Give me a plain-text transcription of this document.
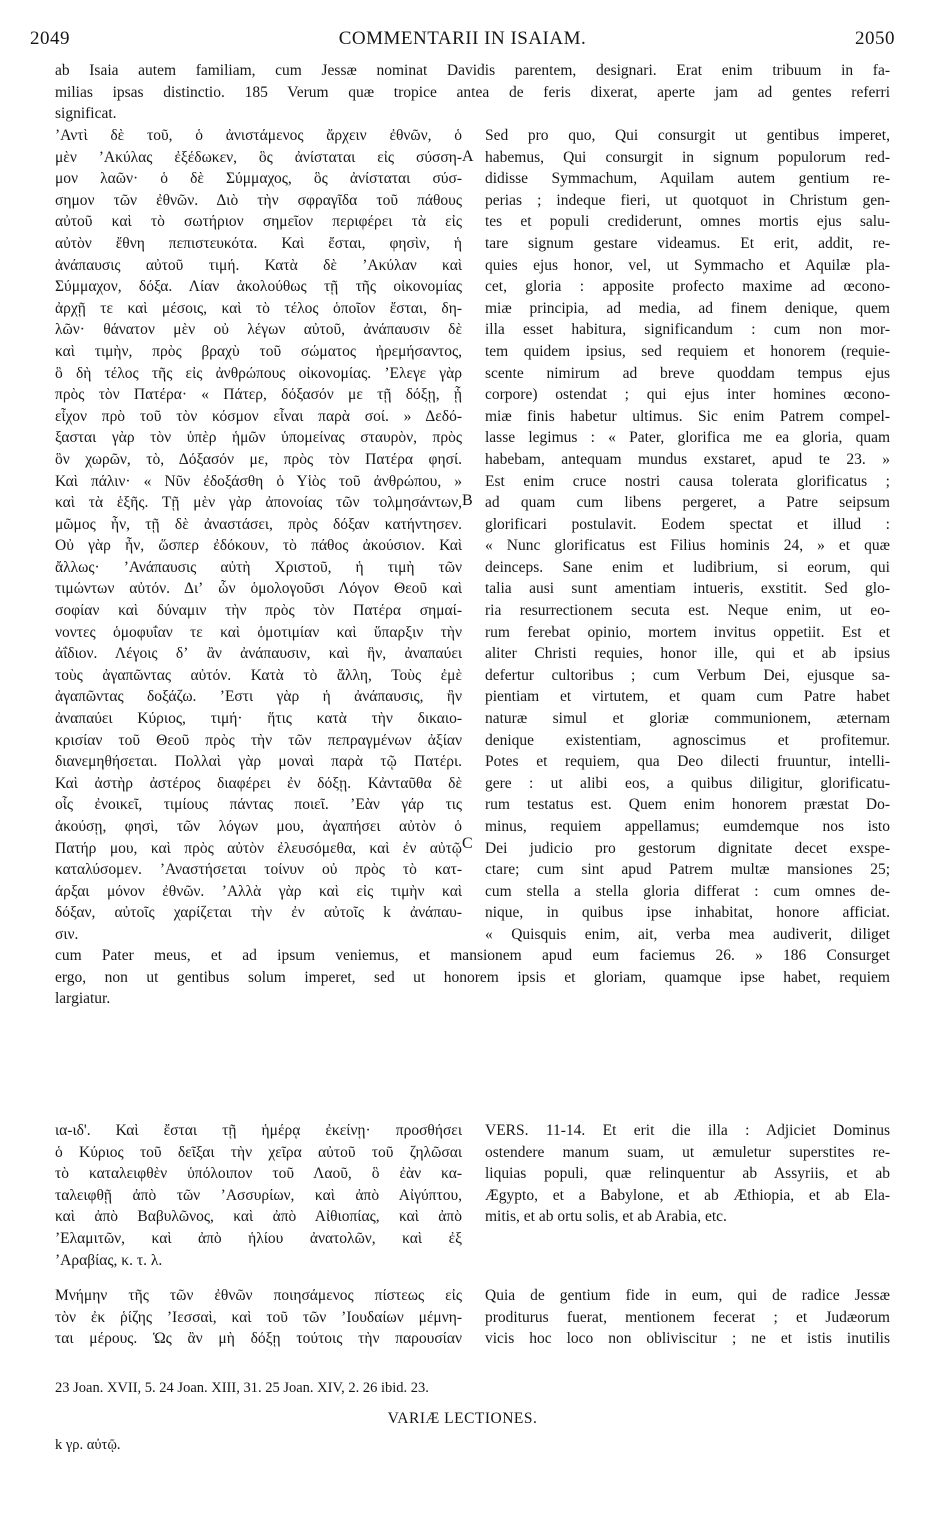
2049	COMMENTARII IN ISAIAM.	2050
ab Isaia autem familiam, cum Jessæ nominat Davidis parentem, designari. Erat enim tribuum in fa-
milias ipsas distinctio. 185 Verum quæ tropice antea de feris dixerat, aperte jam ad gentes referri
significat.
ʼΑντὶ δὲ τοῦ, ὁ ἀνιστάμενος ἄρχειν ἐθνῶν, ὁ
μὲν ʼΑκύλας ἐξέδωκεν, ὃς ἀνίσταται εἰς σύσση-
μον λαῶν· ὁ δὲ Σύμμαχος, ὃς ἀνίσταται σύσ-
σημον τῶν ἐθνῶν. Διὸ τὴν σφραγῖδα τοῦ πάθους
αὐτοῦ καὶ τὸ σωτήριον σημεῖον περιφέρει τὰ εἰς
αὐτὸν ἔθνη πεπιστευκότα. Καὶ ἔσται, φησὶν, ἡ
ἀνάπαυσις αὐτοῦ τιμή. Κατὰ δὲ ʼΑκύλαν καὶ
Σύμμαχον, δόξα. Λίαν ἀκολούθως τῇ τῆς οἰκονομίας
ἀρχῇ τε καὶ μέσοις, καὶ τὸ τέλος ὁποῖον ἔσται, δη-
λῶν· θάνατον μὲν οὐ λέγων αὐτοῦ, ἀνάπαυσιν δὲ
καὶ τιμὴν, πρὸς βραχὺ τοῦ σώματος ἠρεμήσαντος,
ὃ δὴ τέλος τῆς εἰς ἀνθρώπους οἰκονομίας. ʼΕλεγε γὰρ
πρὸς τὸν Πατέρα· « Πάτερ, δόξασόν με τῇ δόξῃ, ᾗ
εἶχον πρὸ τοῦ τὸν κόσμον εἶναι παρὰ σοί. » Δεδό-
ξασται γὰρ τὸν ὑπὲρ ἡμῶν ὑπομείνας σταυρὸν, πρὸς
ὃν χωρῶν, τὸ, Δόξασόν με, πρὸς τὸν Πατέρα φησί.
Καὶ πάλιν· « Νῦν ἐδοξάσθη ὁ Υἱὸς τοῦ ἀνθρώπου, »
καὶ τὰ ἑξῆς. Τῇ μὲν γὰρ ἀπονοίας τῶν τολμησάντων,
μῶμος ἦν, τῇ δὲ ἀναστάσει, πρὸς δόξαν κατήντησεν.
Οὐ γὰρ ἦν, ὥσπερ ἐδόκουν, τὸ πάθος ἀκούσιον. Καὶ
ἄλλως· ʼΑνάπαυσις αὐτὴ Χριστοῦ, ἡ τιμὴ τῶν
τιμώντων αὐτόν. Διʼ ὧν ὁμολογοῦσι Λόγον Θεοῦ καὶ
σοφίαν καὶ δύναμιν τὴν πρὸς τὸν Πατέρα σημαί-
νοντες ὁμοφυΐαν τε καὶ ὁμοτιμίαν καὶ ὕπαρξιν τὴν
ἀΐδιον. Λέγοις δʼ ἂν ἀνάπαυσιν, καὶ ἣν, ἀναπαύει
τοὺς ἀγαπῶντας αὐτόν. Κατὰ τὸ ἄλλη, Τοὺς ἐμὲ
ἀγαπῶντας δοξάζω. ʼΕστι γὰρ ἡ ἀνάπαυσις, ἣν
ἀναπαύει Κύριος, τιμή· ἥτις κατὰ τὴν δικαιο-
κρισίαν τοῦ Θεοῦ πρὸς τὴν τῶν πεπραγμένων ἀξίαν
διανεμηθήσεται. Πολλαὶ γὰρ μοναὶ παρὰ τῷ Πατέρι.
Καὶ ἀστὴρ ἀστέρος διαφέρει ἐν δόξῃ. Κἀνταῦθα δὲ
οἷς ἐνοικεῖ, τιμίους πάντας ποιεῖ. ʼΕὰν γάρ τις
ἀκούσῃ, φησὶ, τῶν λόγων μου, ἀγαπήσει αὐτὸν ὁ
Πατήρ μου, καὶ πρὸς αὐτὸν ἐλευσόμεθα, καὶ ἐν αὐτῷ
καταλύσομεν. ʼΑναστήσεται τοίνυν οὐ πρὸς τὸ κατ-
άρξαι μόνον ἐθνῶν. ʼΑλλὰ γὰρ καὶ εἰς τιμὴν καὶ
δόξαν, αὐτοῖς χαρίζεται τὴν ἐν αὐτοῖς k ἀνάπαυ-
σιν.
Sed pro quo, Qui consurgit ut gentibus imperet,
habemus, Qui consurgit in signum populorum red-
didisse Symmachum, Aquilam autem gentium re-
perias ; indeque fieri, ut quotquot in Christum gen-
tes et populi crediderunt, omnes mortis ejus salu-
tare signum gestare videamus. Et erit, addit, re-
quies ejus honor, vel, ut Symmacho et Aquilæ pla-
cet, gloria : apposite profecto maxime ad œcono-
miæ principia, ad media, ad finem denique, quem
illa esset habitura, significandum : cum non mor-
tem quidem ipsius, sed requiem et honorem (requie-
scente nimirum ad breve quoddam tempus ejus
corpore) ostendat ; qui ejus inter homines œcono-
miæ finis habetur ultimus. Sic enim Patrem compel-
lasse legimus : « Pater, glorifica me ea gloria, quam
habebam, antequam mundus exstaret, apud te 23. »
Est enim cruce nostri causa tolerata glorificatus ;
ad quam cum libens pergeret, a Patre seipsum
glorificari postulavit. Eodem spectat et illud :
« Nunc glorificatus est Filius hominis 24, » et quæ
deinceps. Sane enim et ludibrium, si eorum, qui
talia ausi sunt amentiam intueris, exstitit. Sed glo-
ria resurrectionem secuta est. Neque enim, ut eo-
rum ferebat opinio, mortem invitus oppetiit. Est et
aliter Christi requies, honor ille, qui et ab ipsius
defertur cultoribus ; cum Verbum Dei, ejusque sa-
pientiam et virtutem, et quam cum Patre habet
naturæ simul et gloriæ communionem, æternam
denique existentiam, agnoscimus et profitemur.
Potes et requiem, qua Deo dilecti fruuntur, intelli-
gere : ut alibi eos, a quibus diligitur, glorificatu-
rum testatus est. Quem enim honorem præstat Do-
minus, requiem appellamus; eumdemque nos isto
Dei judicio pro gestorum dignitate decet exspe-
ctare; cum sint apud Patrem multæ mansiones 25;
cum stella a stella gloria differat : cum omnes de-
nique, in quibus ipse inhabitat, honore afficiat.
« Quisquis enim, ait, verba mea audiverit, diliget
A
B
C
cum Pater meus, et ad ipsum veniemus, et mansionem apud eum faciemus 26. » 186 Consurget
ergo, non ut gentibus solum imperet, sed ut honorem ipsis et gloriam, quamque ipse habet, requiem
largiatur.
ια-ιδ'. Καὶ ἔσται τῇ ἡμέρᾳ ἐκείνῃ· προσθήσει
ὁ Κύριος τοῦ δεῖξαι τὴν χεῖρα αὐτοῦ τοῦ ζηλῶσαι
τὸ καταλειφθὲν ὑπόλοιπον τοῦ Λαοῦ, ὃ ἐὰν κα-
ταλειφθῇ ἀπὸ τῶν ʼΑσσυρίων, καὶ ἀπὸ Αἰγύπτου,
καὶ ἀπὸ Βαβυλῶνος, καὶ ἀπὸ Αἰθιοπίας, καὶ ἀπὸ
ʼΕλαμιτῶν, καὶ ἀπὸ ἡλίου ἀνατολῶν, καὶ ἐξ
ʼΑραβίας, κ. τ. λ.
VERS. 11-14. Et erit die illa : Adjiciet Dominus
ostendere manum suam, ut æmuletur superstites re-
liquias populi, quæ relinquentur ab Assyriis, et ab
Ægypto, et a Babylone, et ab Æthiopia, et ab Ela-
mitis, et ab ortu solis, et ab Arabia, etc.
Μνήμην τῆς τῶν ἐθνῶν ποιησάμενος πίστεως εἰς
τὸν ἐκ ῥίζης ʼΙεσσαὶ, καὶ τοῦ τῶν ʼΙουδαίων μέμνη-
ται μέρους. Ὡς ἂν μὴ δόξῃ τούτοις τὴν παρουσίαν
Quia de gentium fide in eum, qui de radice Jessæ
proditurus fuerat, mentionem fecerat ; et Judæorum
vicis hoc loco non obliviscitur ; ne et istis inutilis
23 Joan. XVII, 5. 24 Joan. XIII, 31. 25 Joan. XIV, 2. 26 ibid. 23.
VARIÆ LECTIONES.
k γρ. αὐτῷ.
